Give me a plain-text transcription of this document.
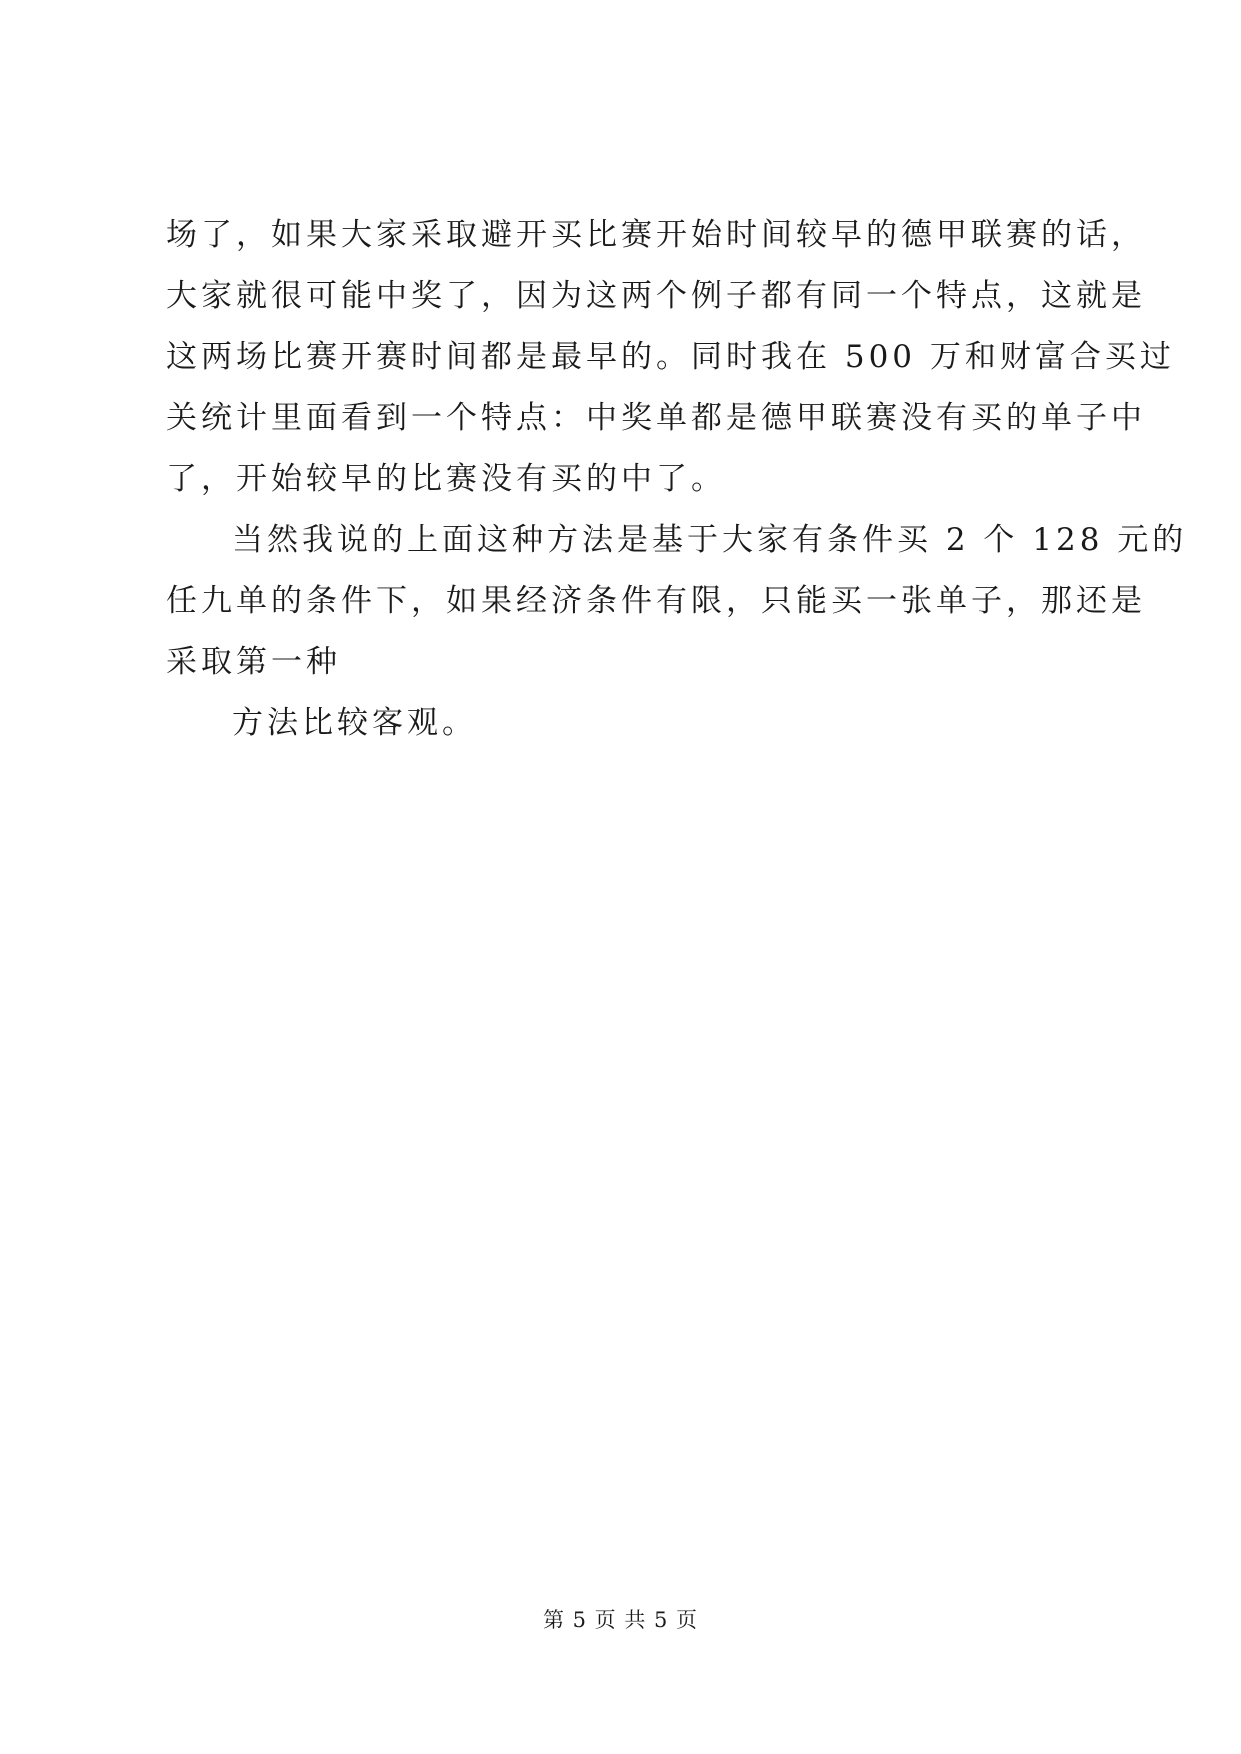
场了，如果大家采取避开买比赛开始时间较早的德甲联赛的话，
大家就很可能中奖了，因为这两个例子都有同一个特点，这就是
这两场比赛开赛时间都是最早的。同时我在 500 万和财富合买过
关统计里面看到一个特点：中奖单都是德甲联赛没有买的单子中
了，开始较早的比赛没有买的中了。
当然我说的上面这种方法是基于大家有条件买 2 个 128 元的
任九单的条件下，如果经济条件有限，只能买一张单子，那还是
采取第一种
方法比较客观。
第 5 页 共 5 页
